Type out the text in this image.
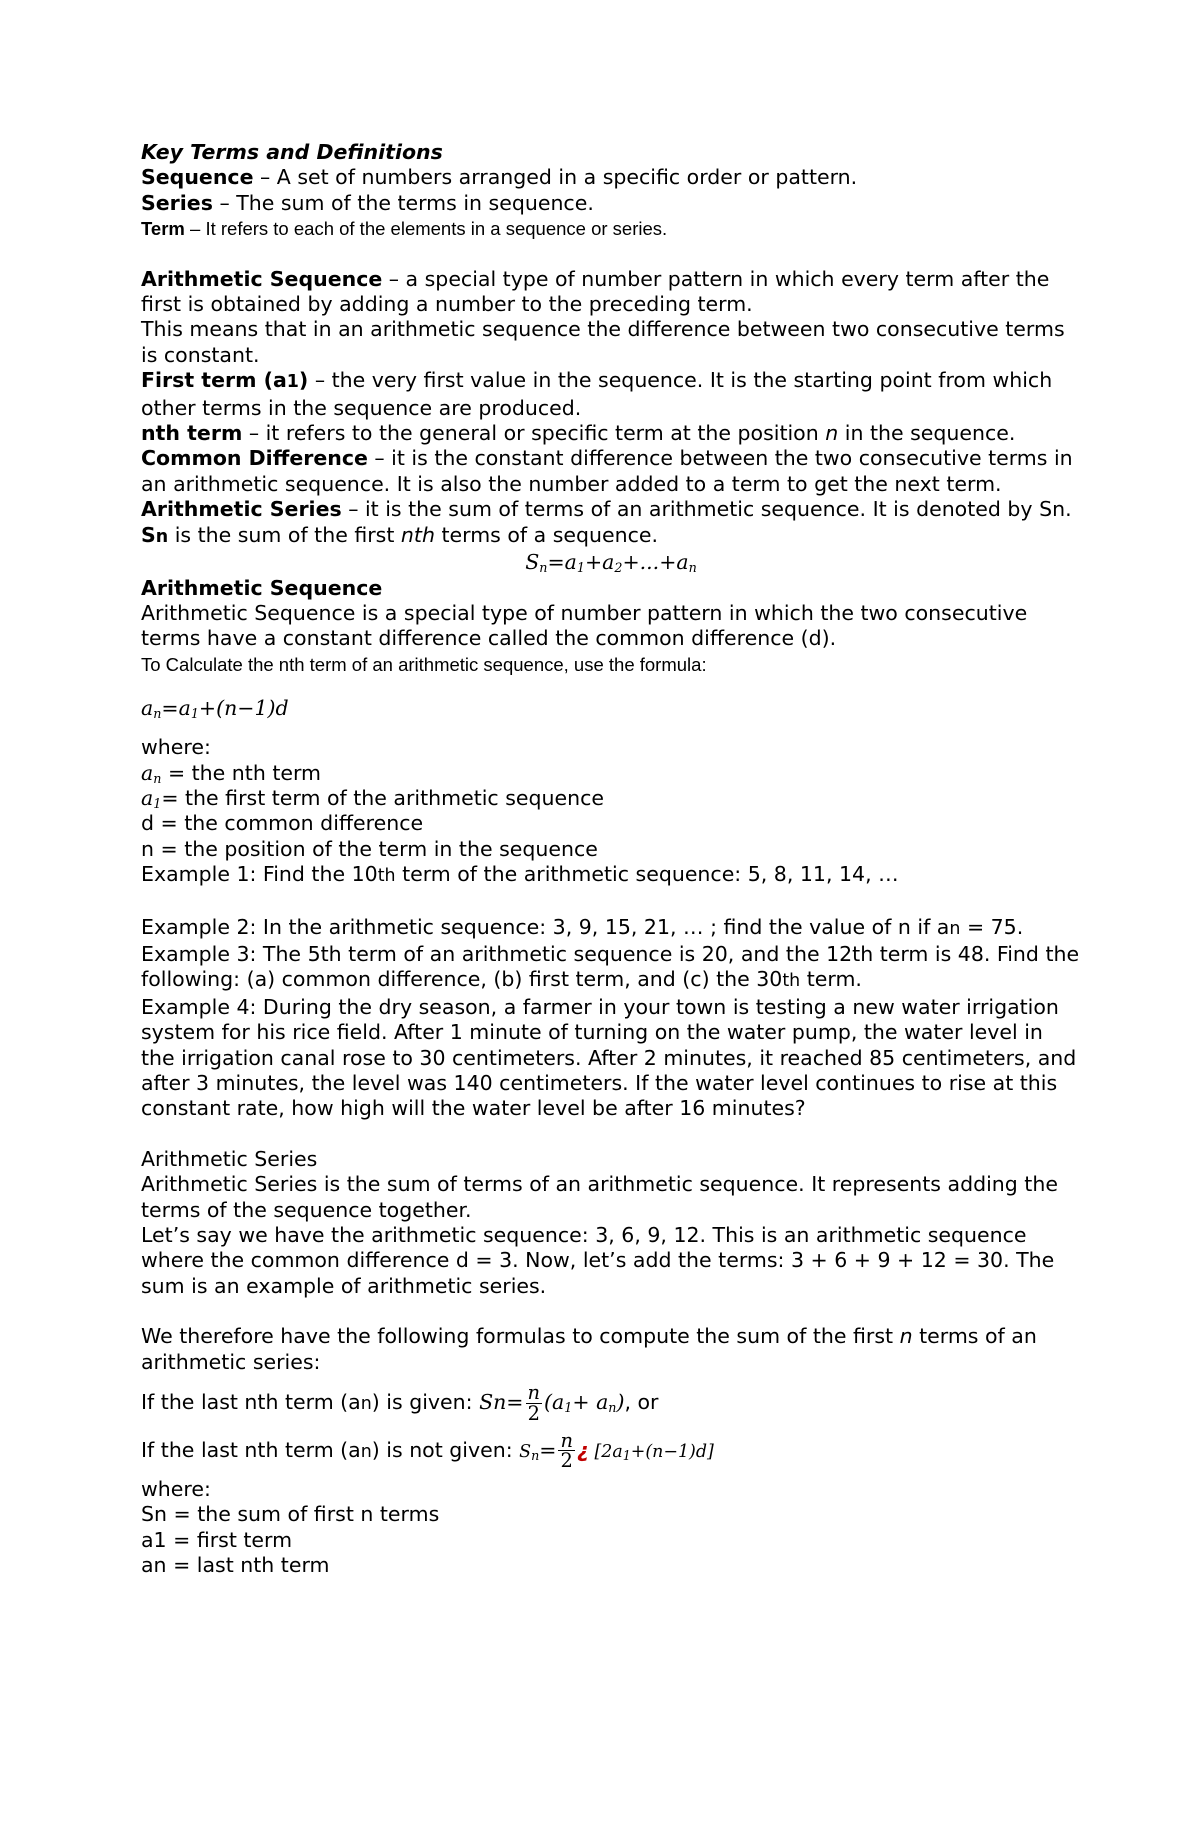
Key Terms and Definitions

Sequence – A set of numbers arranged in a specific order or pattern.

Series – The sum of the terms in sequence.

Term – It refers to each of the elements in a sequence or series.

Arithmetic Sequence – a special type of number pattern in which every term after the first is obtained by adding a number to the preceding term.

This means that in an arithmetic sequence the difference between two consecutive terms is constant.

First term (a1) – the very first value in the sequence. It is the starting point from which other terms in the sequence are produced.

nth term – it refers to the general or specific term at the position n in the sequence.

Common Difference – it is the constant difference between the two consecutive terms in an arithmetic sequence. It is also the number added to a term to get the next term.

Arithmetic Series – it is the sum of terms of an arithmetic sequence. It is denoted by Sn.

Sn is the sum of the first nth terms of a sequence.

$S_n=a_1+a_2+...+a_n$

Arithmetic Sequence

Arithmetic Sequence is a special type of number pattern in which the two consecutive terms have a constant difference called the common difference (d).

To Calculate the nth term of an arithmetic sequence, use the formula:

$a_n=a_1+(n-1)d$

where:

$a_n$ = the nth term

$a_1=$ the first term of the arithmetic sequence

d = the common difference

n = the position of the term in the sequence

Example 1: Find the 10th term of the arithmetic sequence: 5, 8, 11, 14, …

Example 2: In the arithmetic sequence: 3, 9, 15, 21, … ; find the value of n if an = 75.

Example 3: The 5th term of an arithmetic sequence is 20, and the 12th term is 48. Find the following: (a) common difference, (b) first term, and (c) the 30th term.

Example 4: During the dry season, a farmer in your town is testing a new water irrigation system for his rice field. After 1 minute of turning on the water pump, the water level in the irrigation canal rose to 30 centimeters. After 2 minutes, it reached 85 centimeters, and after 3 minutes, the level was 140 centimeters. If the water level continues to rise at this constant rate, how high will the water level be after 16 minutes?

Arithmetic Series

Arithmetic Series is the sum of terms of an arithmetic sequence. It represents adding the terms of the sequence together.

Let’s say we have the arithmetic sequence: 3, 6, 9, 12. This is an arithmetic sequence where the common difference d = 3. Now, let’s add the terms: 3 + 6 + 9 + 12 = 30. The sum is an example of arithmetic series.

We therefore have the following formulas to compute the sum of the first n terms of an arithmetic series:

If the last nth term (an) is given: $Sn= \frac{n}{2} (a_1+ a_n)$, or

If the last nth term (an) is not given: $S_n= \frac{n}{2}$ ¿ $[2a_1+(n-1)d]$

where:

Sn = the sum of first n terms

a1 = first term

an = last nth term
